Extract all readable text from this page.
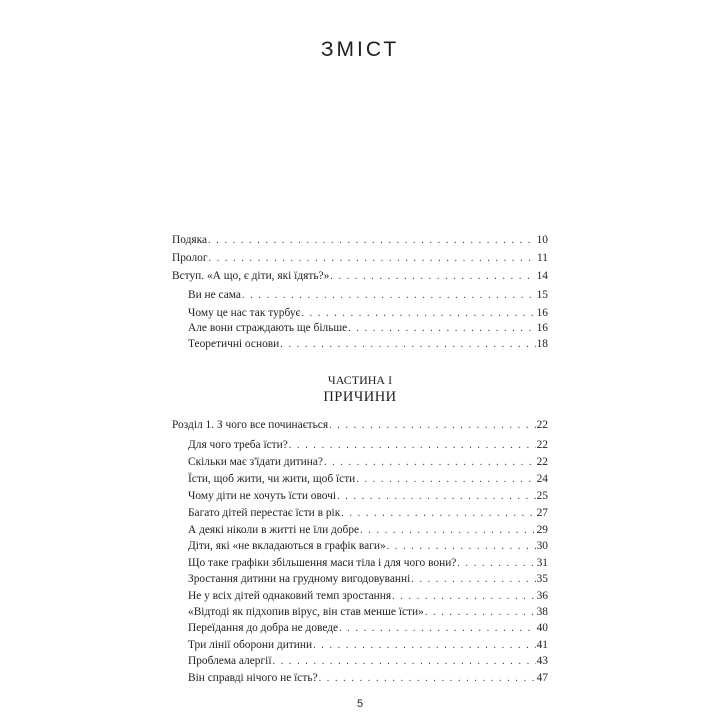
ЗМІСТ
Подяка . . .	10
Пролог . . .	11
Вступ. «А що, є діти, які їдять?» . . .	14
Ви не сама . . .	15
Чому це нас так турбує . . .	16
Але вони страждають ще більше . . .	16
Теоретичні основи . . .	18
ЧАСТИНА І
ПРИЧИНИ
Розділ 1. З чого все починається . . .	22
Для чого треба їсти? . . .	22
Скільки має з'їдати дитина? . . .	22
Їсти, щоб жити, чи жити, щоб їсти . . .	24
Чому діти не хочуть їсти овочі . . .	25
Багато дітей перестає їсти в рік . . .	27
А деякі ніколи в житті не їли добре . . .	29
Діти, які «не вкладаються в графік ваги» . . .	30
Що таке графіки збільшення маси тіла і для чого вони? . . .	31
Зростання дитини на грудному вигодовуванні . . .	35
Не у всіх дітей однаковий темп зростання . . .	36
«Відтоді як підхопив вірус, він став менше їсти» . . .	38
Переїдання до добра не доведе . . .	40
Три лінії оборони дитини . . .	41
Проблема алергії . . .	43
Він справді нічого не їсть? . . .	47
5
